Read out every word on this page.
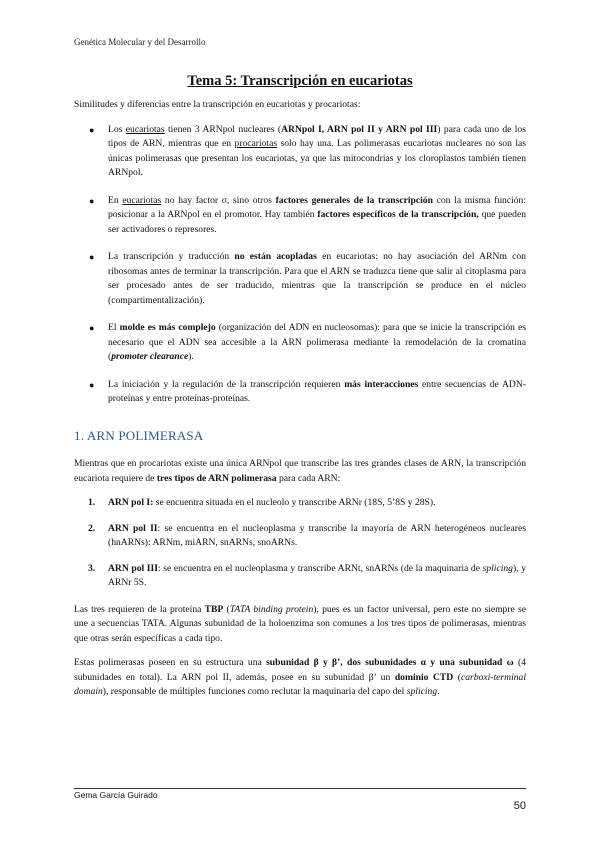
Genética Molecular y del Desarrollo
Tema 5: Transcripción en eucariotas

Similitudes y diferencias entre la transcripción en eucariotas y procariotas:

● Los eucariotas tienen 3 ARNpol nucleares (ARNpol I, ARN pol II y ARN pol III) para cada uno de los tipos de ARN, mientras que en procariotas solo hay una. Las polimerasas eucariotas nucleares no son las únicas polimerasas que presentan los eucariotas, ya que las mitocondrias y los cloroplastos también tienen ARNpol.
● En eucariotas no hay factor σ, sino otros factores generales de la transcripción con la misma función: posicionar a la ARNpol en el promotor. Hay también factores específicos de la transcripción, que pueden ser activadores o represores.
● La transcripción y traducción no están acopladas en eucariotas: no hay asociación del ARNm con ribosomas antes de terminar la transcripción. Para que el ARN se traduzca tiene que salir al citoplasma para ser procesado antes de ser traducido, mientras que la transcripción se produce en el núcleo (compartimentalización).
● El molde es más complejo (organización del ADN en nucleosomas): para que se inicie la transcripción es necesario que el ADN sea accesible a la ARN polimerasa mediante la remodelación de la cromatina (promoter clearance).
● La iniciación y la regulación de la transcripción requieren más interacciones entre secuencias de ADN-proteínas y entre proteínas-proteínas.
1. ARN POLIMERASA

Mientras que en procariotas existe una única ARNpol que transcribe las tres grandes clases de ARN, la transcripción eucariota requiere de tres tipos de ARN polimerasa para cada ARN:

1. ARN pol I: se encuentra situada en el nucleolo y transcribe ARNr (18S, 5’8S y 28S).
2. ARN pol II: se encuentra en el nucleoplasma y transcribe la mayoría de ARN heterogéneos nucleares (hnARNs): ARNm, miARN, snARNs, snoARNs.
3. ARN pol III: se encuentra en el nucleoplasma y transcribe ARNt, snARNs (de la maquinaria de splicing), y ARNr 5S.

Las tres requieren de la proteína TBP (TATA binding protein), pues es un factor universal, pero este no siempre se une a secuencias TATA. Algunas subunidad de la holoenzima son comunes a los tres tipos de polimerasas, mientras que otras serán específicas a cada tipo.

Estas polimerasas poseen en su estructura una subunidad β y β’, dos subunidades α y una subunidad ω (4 subunidades en total). La ARN pol II, además, posee en su subunidad β’ un dominio CTD (carboxi-terminal domain), responsable de múltiples funciones como reclutar la maquinaria del capo del splicing.

Gema García Guirado
50
